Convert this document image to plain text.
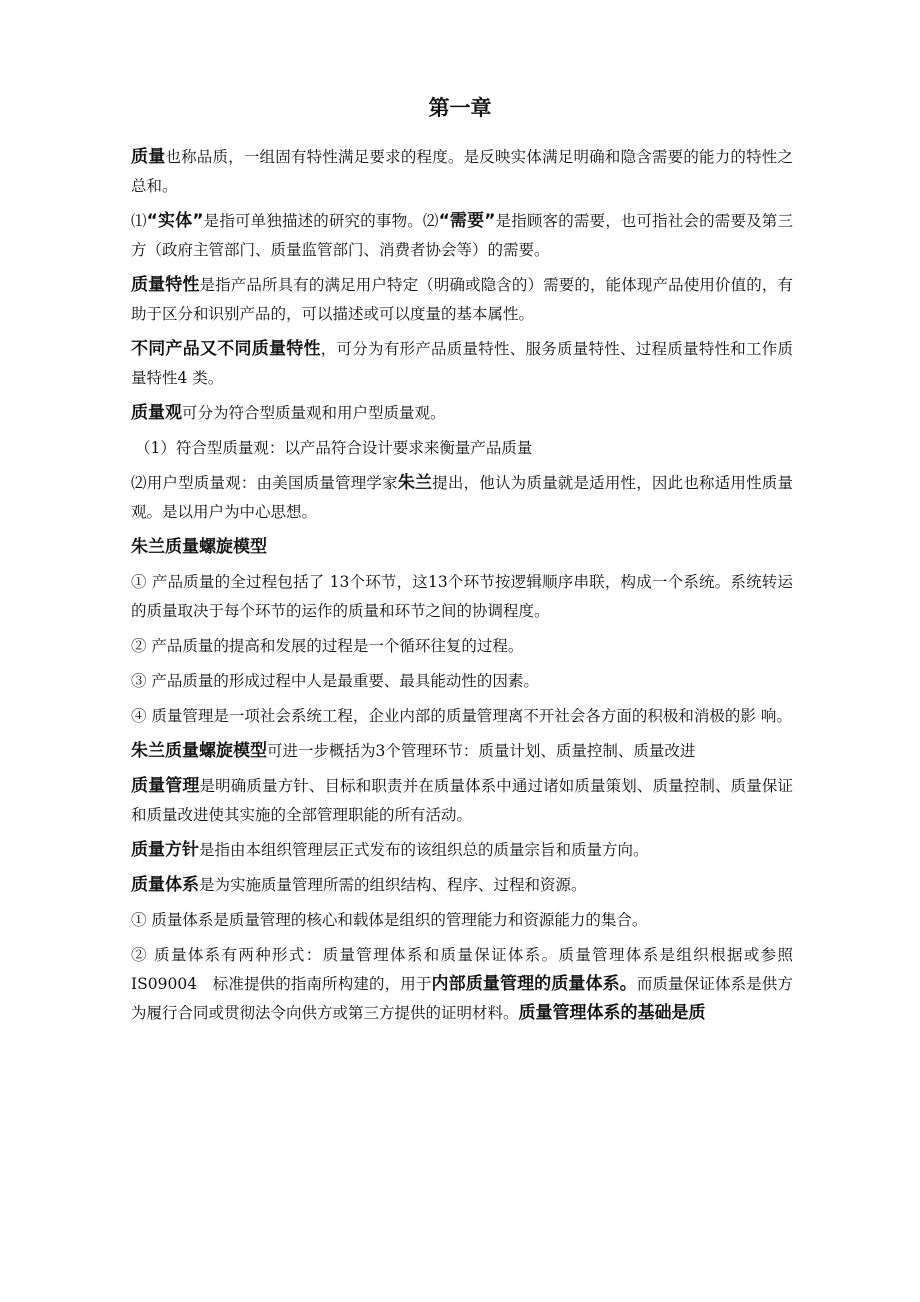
第一章

质量也称品质，一组固有特性满足要求的程度。是反映实体满足明确和隐含需要的能力的特性之总和。

⑴“实体”是指可单独描述的研究的事物。⑵“需要”是指顾客的需要，也可指社会的需要及第三方（政府主管部门、质量监管部门、消费者协会等）的需要。

质量特性是指产品所具有的满足用户特定（明确或隐含的）需要的，能体现产品使用价值的，有助于区分和识别产品的，可以描述或可以度量的基本属性。

不同产品又不同质量特性，可分为有形产品质量特性、服务质量特性、过程质量特性和工作质量特性4 类。

质量观可分为符合型质量观和用户型质量观。

（1）符合型质量观：以产品符合设计要求来衡量产品质量

⑵用户型质量观：由美国质量管理学家朱兰提出，他认为质量就是适用性，因此也称适用性质量观。是以用户为中心思想。

朱兰质量螺旋模型

① 产品质量的全过程包括了 13个环节，这13个环节按逻辑顺序串联，构成一个系统。系统转运的质量取决于每个环节的运作的质量和环节之间的协调程度。

② 产品质量的提高和发展的过程是一个循环往复的过程。

③ 产品质量的形成过程中人是最重要、最具能动性的因素。

④ 质量管理是一项社会系统工程，企业内部的质量管理离不开社会各方面的积极和消极的影 响。

朱兰质量螺旋模型可进一步概括为3个管理环节：质量计划、质量控制、质量改进

质量管理是明确质量方针、目标和职责并在质量体系中通过诸如质量策划、质量控制、质量保证和质量改进使其实施的全部管理职能的所有活动。

质量方针是指由本组织管理层正式发布的该组织总的质量宗旨和质量方向。

质量体系是为实施质量管理所需的组织结构、程序、过程和资源。

① 质量体系是质量管理的核心和载体是组织的管理能力和资源能力的集合。

② 质量体系有两种形式：质量管理体系和质量保证体系。质量管理体系是组织根据或参照 IS09004　标准提供的指南所构建的，用于内部质量管理的质量体系。而质量保证体系是供方为履行合同或贯彻法令向供方或第三方提供的证明材料。质量管理体系的基础是质
